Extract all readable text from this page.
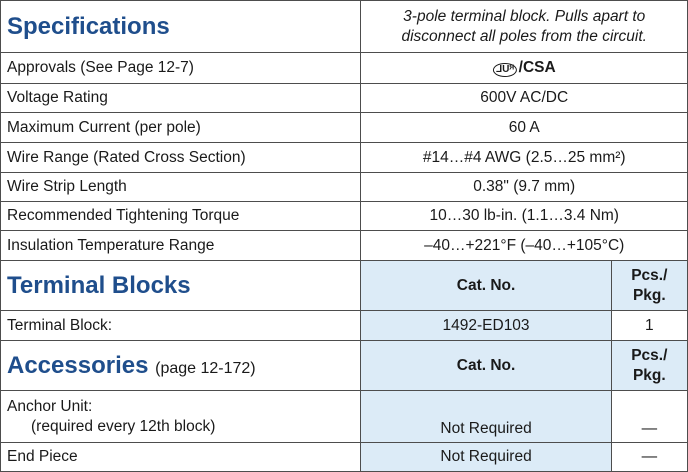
Specifications	3-pole terminal block. Pulls apart to disconnect all poles from the circuit.	
Approvals (See Page 12-7)	ᴿUL /CSA	
Voltage Rating	600V AC/DC	
Maximum Current (per pole)	60 A	
Wire Range (Rated Cross Section)	#14…#4 AWG (2.5…25 mm²)	
Wire Strip Length	0.38" (9.7 mm)	
Recommended Tightening Torque	10…30 lb-in. (1.1…3.4 Nm)	
Insulation Temperature Range	–40…+221°F (–40…+105°C)	
Terminal Blocks	Cat. No.	Pcs./ Pkg.
Terminal Block:	1492-ED103	1
Accessories (page 12-172)	Cat. No.	Pcs./ Pkg.

Anchor Unit:
(required every 12th block)	Not Required	—
End Piece	Not Required	—
